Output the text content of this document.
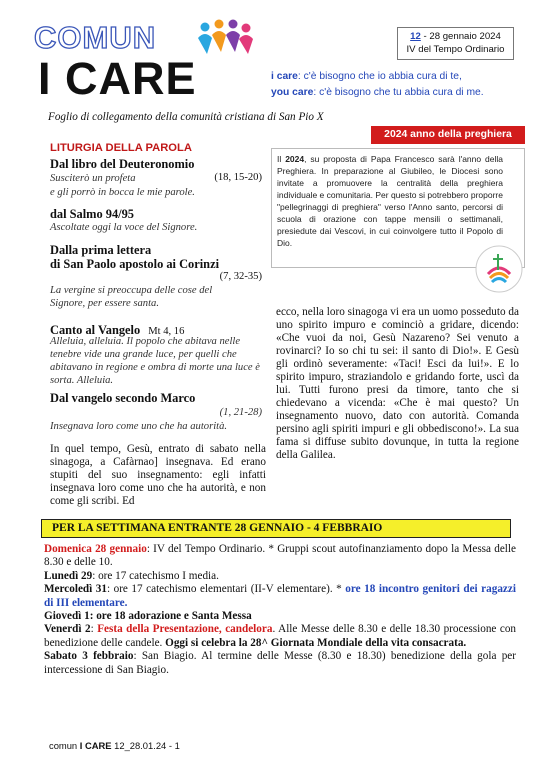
COMUN
I CARE
Foglio di collegamento della comunità cristiana di San Pio X
12 - 28 gennaio 2024
IV del Tempo Ordinario
i care: c'è bisogno che io abbia cura di te,
you care: c'è bisogno che tu abbia cura di me.
2024 anno della preghiera
Il 2024, su proposta di Papa Francesco sarà l'anno della Preghiera. In preparazione al Giubileo, le Diocesi sono invitate a promuovere la centralità della preghiera individuale e comunitaria. Per questo si potrebbero proporre "pellegrinaggi di preghiera" verso l'Anno santo, percorsi di scuola di orazione con tappe mensili o settimanali, presiedute dai Vescovi, in cui coinvolgere tutto il Popolo di Dio.
LITURGIA DELLA PAROLA
Dal libro del Deuteronomio
Susciterò un profeta	(18, 15-20)
e gli porrò in bocca le mie parole.
dal Salmo 94/95
Ascoltate oggi la voce del Signore.
Dalla prima lettera
di San Paolo apostolo ai Corinzi
(7, 32-35)
La vergine si preoccupa delle cose del Signore, per essere santa.
Canto al Vangelo Mt 4, 16
Alleluia, alleluia. Il popolo che abitava nelle tenebre vide una grande luce, per quelli che abitavano in regione e ombra di morte una luce è sorta. Alleluia.
Dal vangelo secondo Marco
(1, 21-28)
Insegnava loro come uno che ha autorità.
In quel tempo, Gesù, entrato di sabato nella sinagoga, a Cafàrnao] insegnava. Ed erano stupiti del suo insegnamento: egli infatti insegnava loro come uno che ha autorità, e non come gli scribi. Ed
ecco, nella loro sinagoga vi era un uomo posseduto da uno spirito impuro e cominciò a gridare, dicendo: «Che vuoi da noi, Gesù Nazareno? Sei venuto a rovinarci? Io so chi tu sei: il santo di Dio!». E Gesù gli ordinò severamente: «Taci! Esci da lui!». E lo spirito impuro, straziandolo e gridando forte, uscì da lui. Tutti furono presi da timore, tanto che si chiedevano a vicenda: «Che è mai questo? Un insegnamento nuovo, dato con autorità. Comanda persino agli spiriti impuri e gli obbediscono!». La sua fama si diffuse subito dovunque, in tutta la regione della Galilea.
PER LA SETTIMANA ENTRANTE 28 GENNAIO - 4 FEBBRAIO

Domenica 28 gennaio: IV del Tempo Ordinario. * Gruppi scout autofinanziamento dopo la Messa delle 8.30 e delle 10.

Lunedì 29: ore 17 catechismo I media.

Mercoledì 31: ore 17 catechismo elementari (II-V elementare). * ore 18 incontro genitori dei ragazzi di III elementare.

Giovedì 1: ore 18 adorazione e Santa Messa

Venerdì 2: Festa della Presentazione, candelora. Alle Messe delle 8.30 e delle 18.30 processione con benedizione delle candele. Oggi si celebra la 28^ Giornata Mondiale della vita consacrata.

Sabato 3 febbraio: San Biagio. Al termine delle Messe (8.30 e 18.30) benedizione della gola per intercessione di San Biagio.

comun I CARE 12_28.01.24 - 1
